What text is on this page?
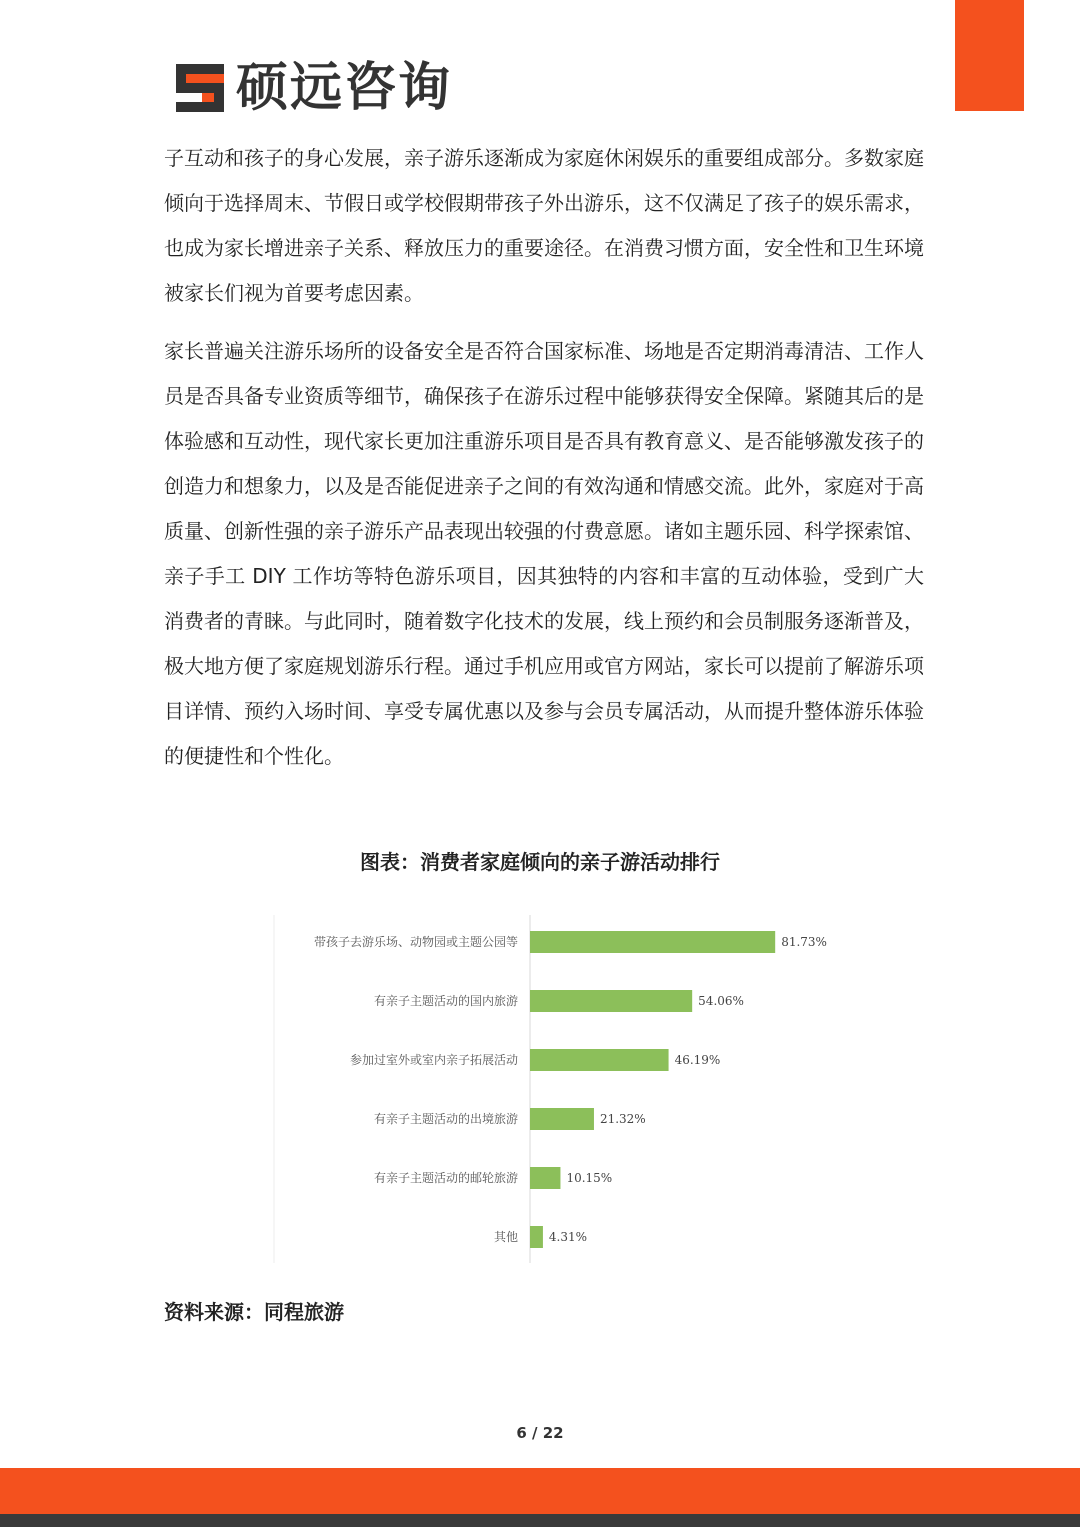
硕远咨询

子互动和孩子的身心发展，亲子游乐逐渐成为家庭休闲娱乐的重要组成部分。多数家庭倾向于选择周末、节假日或学校假期带孩子外出游乐，这不仅满足了孩子的娱乐需求，也成为家长增进亲子关系、释放压力的重要途径。在消费习惯方面，安全性和卫生环境被家长们视为首要考虑因素。

家长普遍关注游乐场所的设备安全是否符合国家标准、场地是否定期消毒清洁、工作人员是否具备专业资质等细节，确保孩子在游乐过程中能够获得安全保障。紧随其后的是体验感和互动性，现代家长更加注重游乐项目是否具有教育意义、是否能够激发孩子的创造力和想象力，以及是否能促进亲子之间的有效沟通和情感交流。此外，家庭对于高质量、创新性强的亲子游乐产品表现出较强的付费意愿。诸如主题乐园、科学探索馆、亲子手工 DIY 工作坊等特色游乐项目，因其独特的内容和丰富的互动体验，受到广大消费者的青睐。与此同时，随着数字化技术的发展，线上预约和会员制服务逐渐普及，极大地方便了家庭规划游乐行程。通过手机应用或官方网站，家长可以提前了解游乐项目详情、预约入场时间、享受专属优惠以及参与会员专属活动，从而提升整体游乐体验的便捷性和个性化。

图表：消费者家庭倾向的亲子游活动排行
带孩子去游乐场、动物园或主题公园等	81.73%
有亲子主题活动的国内旅游	54.06%
参加过室外或室内亲子拓展活动	46.19%
有亲子主题活动的出境旅游	21.32%
有亲子主题活动的邮轮旅游	10.15%
其他	4.31%
资料来源：同程旅游
6 / 22
